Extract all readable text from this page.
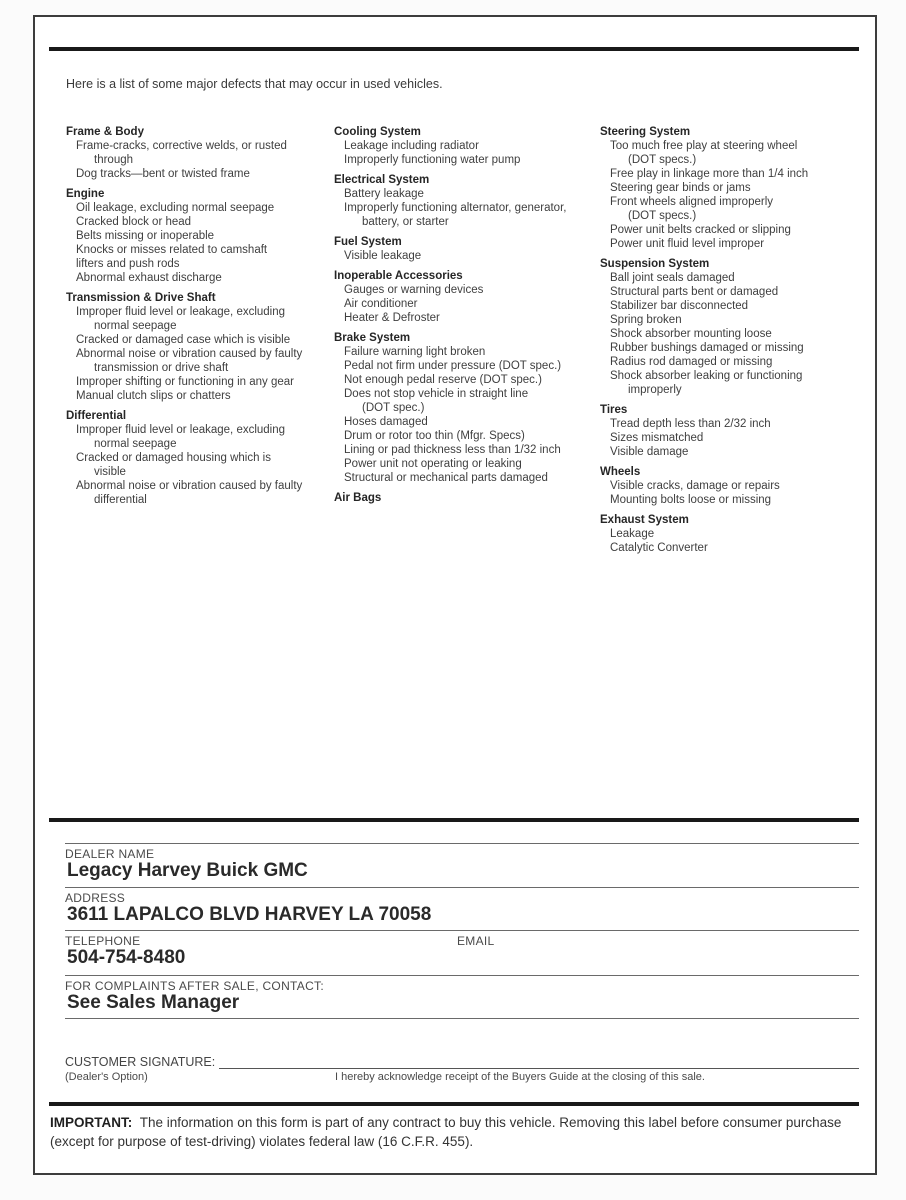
Here is a list of some major defects that may occur in used vehicles.

Frame & Body
Frame-cracks, corrective welds, or rusted
through
Dog tracks—bent or twisted frame
Engine
Oil leakage, excluding normal seepage
Cracked block or head
Belts missing or inoperable
Knocks or misses related to camshaft
lifters and push rods
Abnormal exhaust discharge
Transmission & Drive Shaft
Improper fluid level or leakage, excluding
normal seepage
Cracked or damaged case which is visible
Abnormal noise or vibration caused by faulty
transmission or drive shaft
Improper shifting or functioning in any gear
Manual clutch slips or chatters
Differential
Improper fluid level or leakage, excluding
normal seepage
Cracked or damaged housing which is
visible
Abnormal noise or vibration caused by faulty
differential
Cooling System
Leakage including radiator
Improperly functioning water pump
Electrical System
Battery leakage
Improperly functioning alternator, generator,
battery, or starter
Fuel System
Visible leakage
Inoperable Accessories
Gauges or warning devices
Air conditioner
Heater & Defroster
Brake System
Failure warning light broken
Pedal not firm under pressure (DOT spec.)
Not enough pedal reserve (DOT spec.)
Does not stop vehicle in straight line
(DOT spec.)
Hoses damaged
Drum or rotor too thin (Mfgr. Specs)
Lining or pad thickness less than 1/32 inch
Power unit not operating or leaking
Structural or mechanical parts damaged
Air Bags
Steering System
Too much free play at steering wheel
(DOT specs.)
Free play in linkage more than 1/4 inch
Steering gear binds or jams
Front wheels aligned improperly
(DOT specs.)
Power unit belts cracked or slipping
Power unit fluid level improper
Suspension System
Ball joint seals damaged
Structural parts bent or damaged
Stabilizer bar disconnected
Spring broken
Shock absorber mounting loose
Rubber bushings damaged or missing
Radius rod damaged or missing
Shock absorber leaking or functioning
improperly
Tires
Tread depth less than 2/32 inch
Sizes mismatched
Visible damage
Wheels
Visible cracks, damage or repairs
Mounting bolts loose or missing
Exhaust System
Leakage
Catalytic Converter
DEALER NAME
Legacy Harvey Buick GMC
ADDRESS
3611 LAPALCO BLVD HARVEY LA 70058
TELEPHONE
504-754-8480
EMAIL
FOR COMPLAINTS AFTER SALE, CONTACT:
See Sales Manager
CUSTOMER SIGNATURE:
(Dealer's Option)	I hereby acknowledge receipt of the Buyers Guide at the closing of this sale.

IMPORTANT: The information on this form is part of any contract to buy this vehicle. Removing this label before consumer purchase (except for purpose of test-driving) violates federal law (16 C.F.R. 455).
